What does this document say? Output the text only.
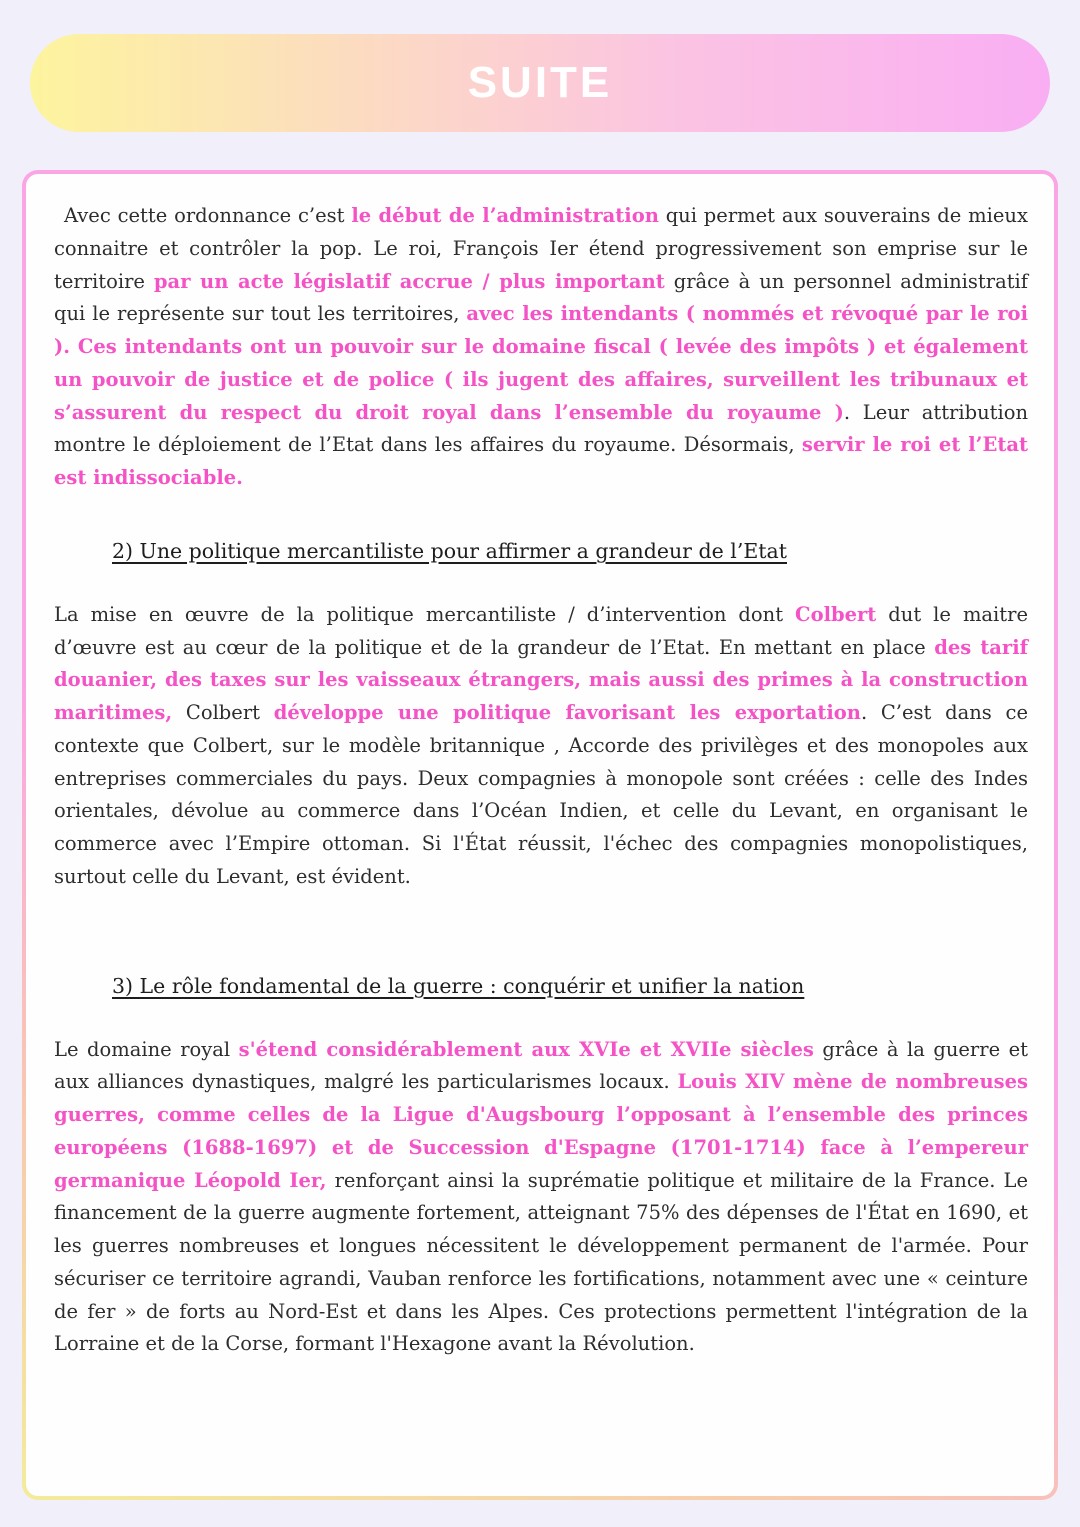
SUITE

Avec cette ordonnance c’est le début de l’administration qui permet aux souverains de mieux connaitre et contrôler la pop. Le roi, François Ier étend progressivement son emprise sur le territoire par un acte législatif accrue / plus important grâce à un personnel administratif qui le représente sur tout les territoires, avec les intendants ( nommés et révoqué par le roi ). Ces intendants ont un pouvoir sur le domaine fiscal ( levée des impôts ) et également un pouvoir de justice et de police ( ils jugent des affaires, surveillent les tribunaux et s’assurent du respect du droit royal dans l’ensemble du royaume ). Leur attribution montre le déploiement de l’Etat dans les affaires du royaume. Désormais, servir le roi et l’Etat est indissociable.

2) Une politique mercantiliste pour affirmer a grandeur de l’Etat

La mise en œuvre de la politique mercantiliste / d’intervention dont Colbert dut le maitre d’œuvre est au cœur de la politique et de la grandeur de l’Etat. En mettant en place des tarif douanier, des taxes sur les vaisseaux étrangers, mais aussi des primes à la construction maritimes, Colbert développe une politique favorisant les exportation. C’est dans ce contexte que Colbert, sur le modèle britannique , Accorde des privilèges et des monopoles aux entreprises commerciales du pays. Deux compagnies à monopole sont créées : celle des Indes orientales, dévolue au commerce dans l’Océan Indien, et celle du Levant, en organisant le commerce avec l’Empire ottoman. Si l'État réussit, l'échec des compagnies monopolistiques, surtout celle du Levant, est évident.

3) Le rôle fondamental de la guerre : conquérir et unifier la nation

Le domaine royal s'étend considérablement aux XVIe et XVIIe siècles grâce à la guerre et aux alliances dynastiques, malgré les particularismes locaux. Louis XIV mène de nombreuses guerres, comme celles de la Ligue d'Augsbourg l’opposant à l’ensemble des princes européens (1688-1697) et de Succession d'Espagne (1701-1714) face à l’empereur germanique Léopold Ier, renforçant ainsi la suprématie politique et militaire de la France. Le financement de la guerre augmente fortement, atteignant 75% des dépenses de l'État en 1690, et les guerres nombreuses et longues nécessitent le développement permanent de l'armée. Pour sécuriser ce territoire agrandi, Vauban renforce les fortifications, notamment avec une « ceinture de fer » de forts au Nord-Est et dans les Alpes. Ces protections permettent l'intégration de la Lorraine et de la Corse, formant l'Hexagone avant la Révolution.
